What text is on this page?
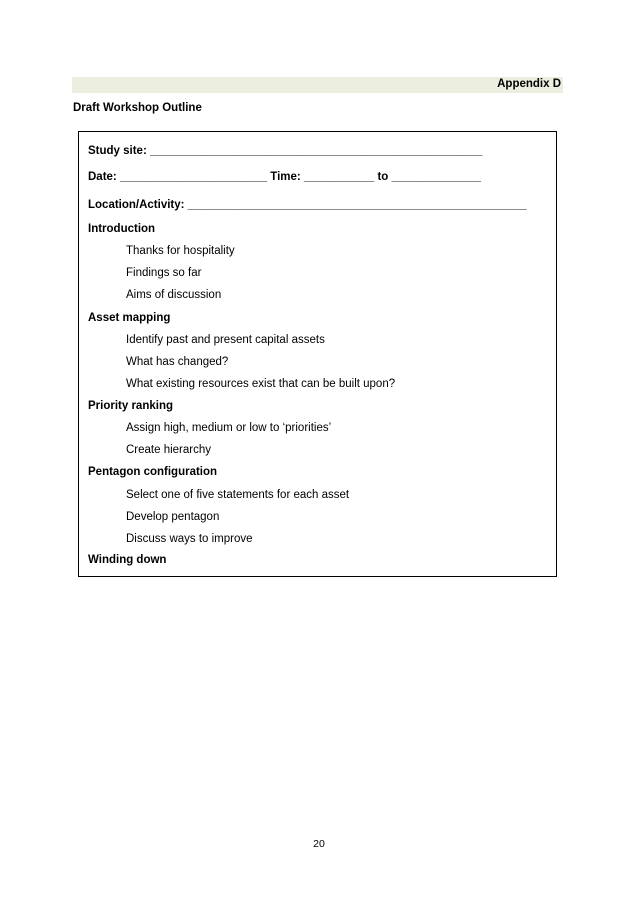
Appendix D
Draft Workshop Outline
Study site: ____________________________________________________
Date: _______________________ Time: ___________ to ______________
Location/Activity: _____________________________________________________
Introduction
Thanks for hospitality
Findings so far
Aims of discussion
Asset mapping
Identify past and present capital assets
What has changed?
What existing resources exist that can be built upon?
Priority ranking
Assign high, medium or low to ‘priorities’
Create hierarchy
Pentagon configuration
Select one of five statements for each asset
Develop pentagon
Discuss ways to improve
Winding down
20
